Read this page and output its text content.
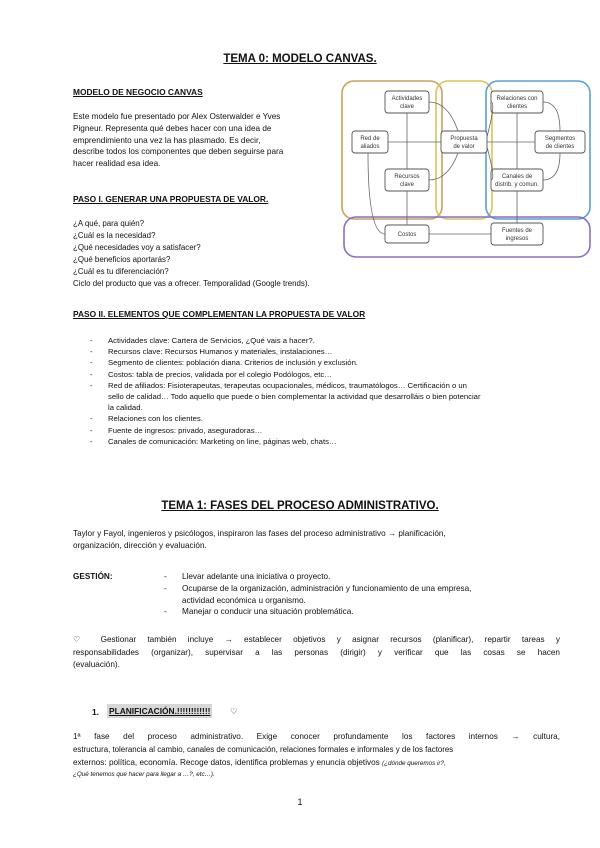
TEMA 0: MODELO CANVAS.
MODELO DE NEGOCIO CANVAS
Este modelo fue presentado por Alex Osterwalder e Yves
Pigneur. Representa qué debes hacer con una idea de
emprendimiento una vez la has plasmado. Es decir,
describe todos los componentes que deben seguirse para
hacer realidad esa idea.
Actividades
clave
Red de
aliados
Recursos
clave
Propuesta
de valor
Relaciones con
clientes
Segmentos
de clientes
Canales de
distrib. y comun.
Costos
Fuentes de
ingresos
PASO I. GENERAR UNA PROPUESTA DE VALOR.
¿A qué, para quién?
¿Cuál es la necesidad?
¿Qué necesidades voy a satisfacer?
¿Qué beneficios aportarás?
¿Cuál es tu diferenciación?
Ciclo del producto que vas a ofrecer. Temporalidad (Google trends).
PASO II. ELEMENTOS QUE COMPLEMENTAN LA PROPUESTA DE VALOR
- Actividades clave: Cartera de Servicios, ¿Qué vais a hacer?.
- Recursos clave: Recursos Humanos y materiales, instalaciones…
- Segmento de clientes: población diana. Criterios de inclusión y exclusión.
- Costos: tabla de precios, validada por el colegio Podólogos, etc…
- Red de afiliados: Fisioterapeutas, terapeutas ocupacionales, médicos, traumatólogos… Certificación o un
sello de calidad… Todo aquello que puede o bien complementar la actividad que desarrolláis o bien potenciar
la calidad.
- Relaciones con los clientes.
- Fuente de ingresos: privado, aseguradoras…
- Canales de comunicación: Marketing on line, páginas web, chats…
TEMA 1: FASES DEL PROCESO ADMINISTRATIVO.
Taylor y Fayol, ingenieros y psicólogos, inspiraron las fases del proceso administrativo → planificación,
organización, dirección y evaluación.
GESTIÓN:	- Llevar adelante una iniciativa o proyecto.
- Ocuparse de la organización, administración y funcionamiento de una empresa,
actividad económica u organismo.
- Manejar o conducir una situación problemática.
♡ Gestionar también incluye → establecer objetivos y asignar recursos (planificar), repartir tareas y
responsabilidades (organizar), supervisar a las personas (dirigir) y verificar que las cosas se hacen
(evaluación).
1. PLANIFICACIÓN.!!!!!!!!!!!! ♡
1ª fase del proceso administrativo. Exige conocer profundamente los factores internos → cultura,
estructura, tolerancia al cambio, canales de comunicación, relaciones formales e informales y de los factores
externos: política, economía. Recoge datos, identifica problemas y enuncia objetivos (¿dónde queremos ir?,
¿Qué tenemos que hacer para llegar a …?, etc…).
1
